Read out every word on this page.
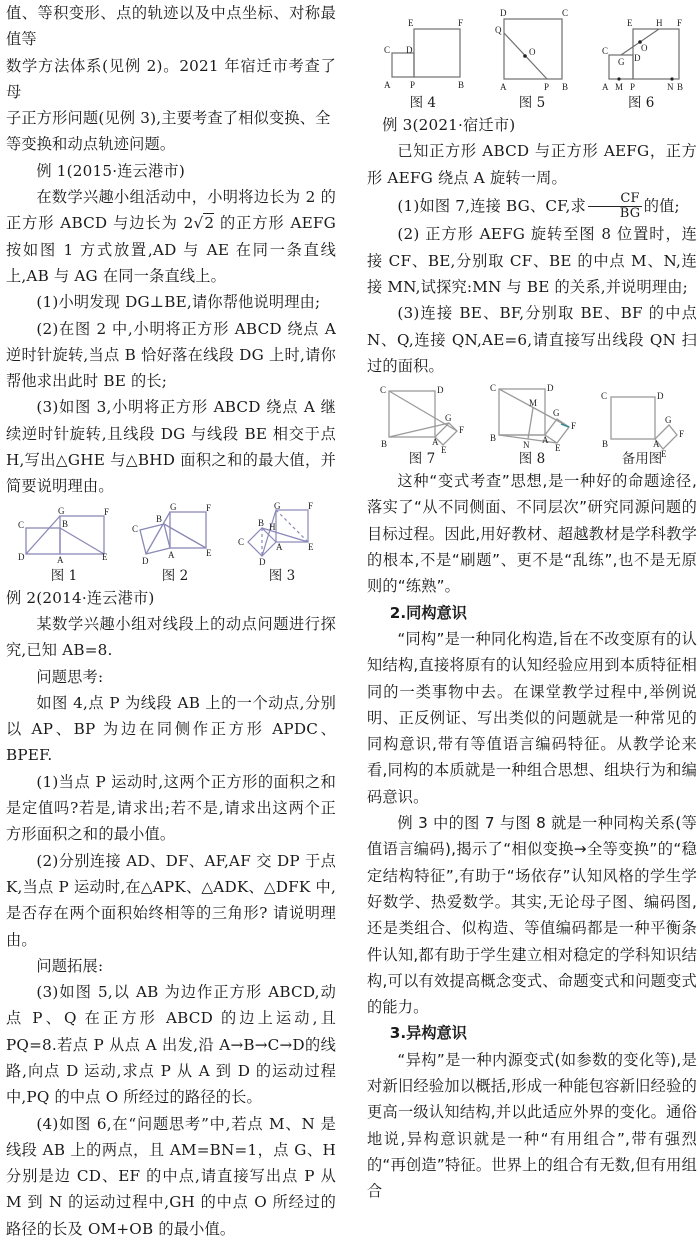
值、等积变形、点的轨迹以及中点坐标、对称最值等

数学方法体系(见例 2)。2021 年宿迁市考查了母

子正方形问题(见例 3),主要考查了相似变换、全

等变换和动点轨迹问题。

例 1(2015·连云港市)

在数学兴趣小组活动中，小明将边长为 2 的正方形 ABCD 与边长为 2√2 的正方形 AEFG 按如图 1 方式放置,AD 与 AE 在同一条直线上,AB 与 AG 在同一条直线上。

(1)小明发现 DG⊥BE,请你帮他说明理由;

(2)在图 2 中,小明将正方形 ABCD 绕点 A 逆时针旋转,当点 B 恰好落在线段 DG 上时,请你帮他求出此时 BE 的长;

(3)如图 3,小明将正方形 ABCD 绕点 A 继续逆时针旋转,且线段 DG 与线段 BE 相交于点 H,写出△GHE 与△BHD 面积之和的最大值，并简要说明理由。

G	F
C	B
D	A	E
图 1
G	F
B
C
D
A	E
图 2
G	F
B H
C	A	E
D
图 3

例 2(2014·连云港市)

某数学兴趣小组对线段上的动点问题进行探究,已知 AB=8.

问题思考:

如图 4,点 P 为线段 AB 上的一个动点,分别以 AP、BP 为边在同侧作正方形 APDC、BPEF.

(1)当点 P 运动时,这两个正方形的面积之和是定值吗?若是,请求出;若不是,请求出这两个正方形面积之和的最小值。

(2)分别连接 AD、DF、AF,AF 交 DP 于点 K,当点 P 运动时,在△APK、△ADK、△DFK 中,是否存在两个面积始终相等的三角形? 请说明理由。

问题拓展:

(3)如图 5,以 AB 为边作正方形 ABCD,动点 P、Q 在正方形 ABCD 的边上运动,且 PQ=8.若点 P 从点 A 出发,沿 A→B→C→D的线路,向点 D 运动,求点 P 从 A 到 D 的运动过程中,PQ 的中点 O 所经过的路径的长。

(4)如图 6,在“问题思考”中,若点 M、N 是线段 AB 上的两点，且 AM=BN=1，点 G、H 分别是边 CD、EF 的中点,请直接写出点 P 从 M 到 N 的运动过程中,GH 的中点 O 所经过的路径的长及 OM+OB 的最小值。

E	F
C D
A P	B
图 4
D	C
Q
O
A	P B
图 5
E	H F
O
C
G D
A M P	N B
图 6

例 3(2021·宿迁市)

已知正方形 ABCD 与正方形 AEFG，正方形 AEFG 绕点 A 旋转一周。

(1)如图 7,连接 BG、CF,求 $\frac{CF}{BG}$ 的值;

(2) 正方形 AEFG 旋转至图 8 位置时，连接 CF、BE,分别取 CF、BE 的中点 M、N,连接 MN,试探究:MN 与 BE 的关系,并说明理由;

(3)连接 BE、BF,分别取 BE、BF 的中点 N、Q,连接 QN,AE=6,请直接写出线段 QN 扫过的面积。

C	D
G
F
B	A
E
图 7
C	D
M
G
F
B
N A
E
图 8
C	D
G
F
B	A
E
备用图

这种“变式考查”思想,是一种好的命题途径,落实了“从不同侧面、不同层次”研究同源问题的目标过程。因此,用好教材、超越教材是学科教学的根本,不是“刷题”、更不是“乱练”,也不是无原则的“练熟”。

2.同构意识

“同构”是一种同化构造,旨在不改变原有的认知结构,直接将原有的认知经验应用到本质特征相同的一类事物中去。在课堂教学过程中,举例说明、正反例证、写出类似的问题就是一种常见的同构意识,带有等值语言编码特征。从教学论来看,同构的本质就是一种组合思想、组块行为和编码意识。

例 3 中的图 7 与图 8 就是一种同构关系(等值语言编码),揭示了“相似变换→全等变换”的“稳定结构特征”,有助于“场依存”认知风格的学生学好数学、热爱数学。其实,无论母子图、编码图,还是类组合、似构造、等值编码都是一种平衡条件认知,都有助于学生建立相对稳定的学科知识结构,可以有效提高概念变式、命题变式和问题变式的能力。

3.异构意识

“异构”是一种内源变式(如参数的变化等),是对新旧经验加以概括,形成一种能包容新旧经验的更高一级认知结构,并以此适应外界的变化。通俗地说,异构意识就是一种“有用组合”,带有强烈的“再创造”特征。世界上的组合有无数,但有用组合
